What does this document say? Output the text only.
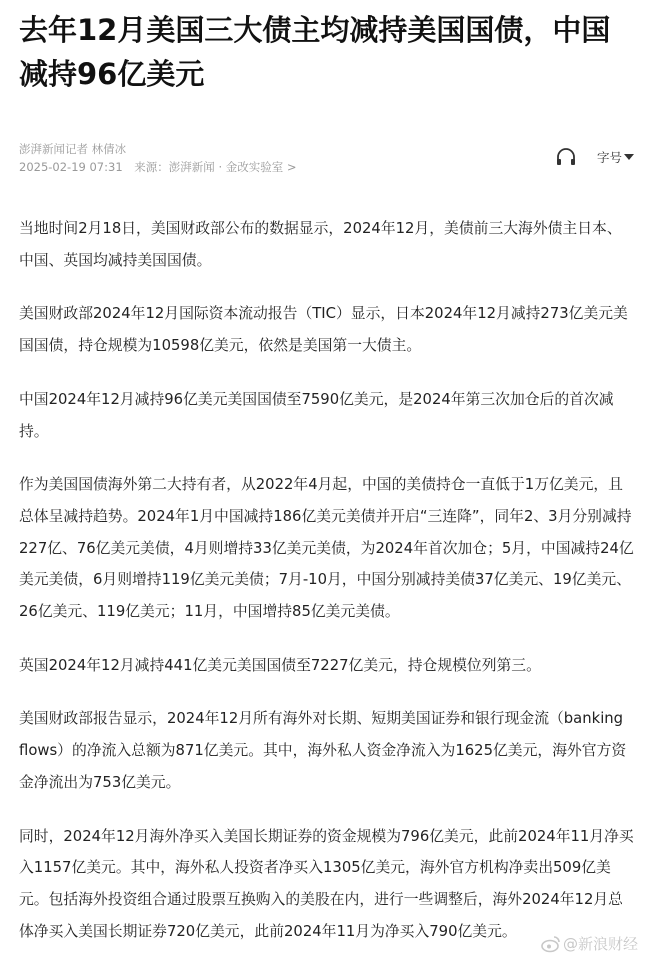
去年12月美国三大债主均减持美国国债，中国减持96亿美元
澎湃新闻记者 林倩冰
2025-02-19 07:31 来源：澎湃新闻 · 金改实验室 >
字号

当地时间2月18日，美国财政部公布的数据显示，2024年12月，美债前三大海外债主日本、中国、英国均减持美国国债。

美国财政部2024年12月国际资本流动报告（TIC）显示，日本2024年12月减持273亿美元美国国债，持仓规模为10598亿美元，依然是美国第一大债主。

中国2024年12月减持96亿美元美国国债至7590亿美元，是2024年第三次加仓后的首次减持。

作为美国国债海外第二大持有者，从2022年4月起，中国的美债持仓一直低于1万亿美元，且总体呈减持趋势。2024年1月中国减持186亿美元美债并开启“三连降”，同年2、3月分别减持227亿、76亿美元美债，4月则增持33亿美元美债，为2024年首次加仓；5月，中国减持24亿美元美债，6月则增持119亿美元美债；7月-10月，中国分别减持美债37亿美元、19亿美元、26亿美元、119亿美元；11月，中国增持85亿美元美债。

英国2024年12月减持441亿美元美国国债至7227亿美元，持仓规模位列第三。

美国财政部报告显示，2024年12月所有海外对长期、短期美国证券和银行现金流（banking flows）的净流入总额为871亿美元。其中，海外私人资金净流入为1625亿美元，海外官方资金净流出为753亿美元。

同时，2024年12月海外净买入美国长期证券的资金规模为796亿美元，此前2024年11月净买入1157亿美元。其中，海外私人投资者净买入1305亿美元，海外官方机构净卖出509亿美元。包括海外投资组合通过股票互换购入的美股在内，进行一些调整后，海外2024年12月总体净买入美国长期证券720亿美元，此前2024年11月为净买入790亿美元。

@新浪财经
